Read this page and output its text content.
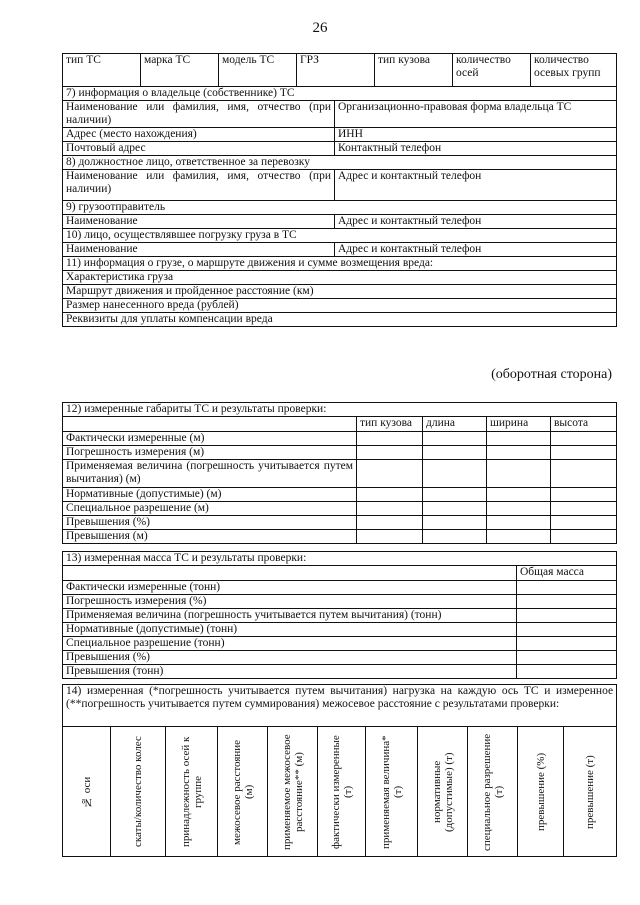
26
тип ТС	марка ТС	модель ТС	ГРЗ	тип кузова	количество осей	количество осевых групп
7) информация о владельце (собственнике) ТС	
Наименование или фамилия, имя, отчество (при наличии)	Организационно-правовая форма владельца ТС
Адрес (место нахождения)	ИНН
Почтовый адрес	Контактный телефон
8) должностное лицо, ответственное за перевозку	
Наименование или фамилия, имя, отчество (при наличии)	Адрес и контактный телефон
9) грузоотправитель	
Наименование	Адрес и контактный телефон
10) лицо, осуществлявшее погрузку груза в ТС	
Наименование	Адрес и контактный телефон
11) информация о грузе, о маршруте движения и сумме возмещения вреда:	
Характеристика груза	
Маршрут движения и пройденное расстояние (км)	
Размер нанесенного вреда (рублей)	
Реквизиты для уплаты компенсации вреда	
(оборотная сторона)
12) измеренные габариты ТС и результаты проверки:				
	тип кузова	длина	ширина	высота
Фактически измеренные (м)				
Погрешность измерения (м)				
Применяемая величина (погрешность учитывается путем вычитания) (м)				
Нормативные (допустимые) (м)				
Специальное разрешение (м)				
Превышения (%)				
Превышения (м)				
13) измеренная масса ТС и результаты проверки:	
	Общая масса
Фактически измеренные (тонн)	
Погрешность измерения (%)	
Применяемая величина (погрешность учитывается путем вычитания) (тонн)	
Нормативные (допустимые) (тонн)	
Специальное разрешение (тонн)	
Превышения (%)	
Превышения (тонн)	
14) измеренная (*погрешность учитывается путем вычитания) нагрузка на каждую ось ТС и измеренное (**погрешность учитывается путем суммирования) межосевое расстояние с результатами проверки:

№ оси	скаты/количество колес	принадлежность осей к группе	межосевое расстояние (м)	применяемое межосевое расстояние** (м)	фактически измеренные (т)	применяемая величина* (т)	нормативные (допустимые) (т)	специальное разрешение (т)	превышение (%)	превышение (т)
